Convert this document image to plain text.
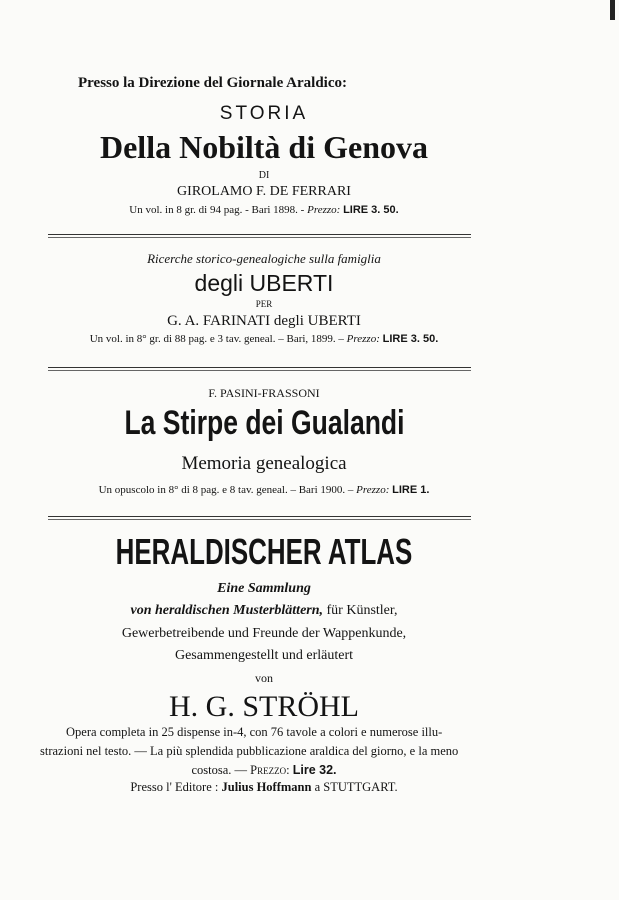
Presso la Direzione del Giornale Araldico:
STORIA
Della Nobiltà di Genova
DI
GIROLAMO F. DE FERRARI
Un vol. in 8 gr. di 94 pag. - Bari 1898. - Prezzo: LIRE 3. 50.
Ricerche storico-genealogiche sulla famiglia
degli UBERTI
PER
G. A. FARINATI degli UBERTI
Un vol. in 8° gr. di 88 pag. e 3 tav. geneal. – Bari, 1899. – Prezzo: LIRE 3. 50.
F. PASINI-FRASSONI
La Stirpe dei Gualandi
Memoria genealogica
Un opuscolo in 8° di 8 pag. e 8 tav. geneal. – Bari 1900. – Prezzo: LIRE 1.
HERALDISCHER ATLAS
Eine Sammlung
von heraldischen Musterblättern, für Künstler,
Gewerbetreibende und Freunde der Wappenkunde,
Gesammengestellt und erläutert
von
H. G. STRÖHL
Opera completa in 25 dispense in-4, con 76 tavole a colori e numerose illu-
strazioni nel testo. — La più splendida pubblicazione araldica del giorno, e la meno
costosa. — Prezzo: Lire 32.
Presso l' Editore : Julius Hoffmann a STUTTGART.
